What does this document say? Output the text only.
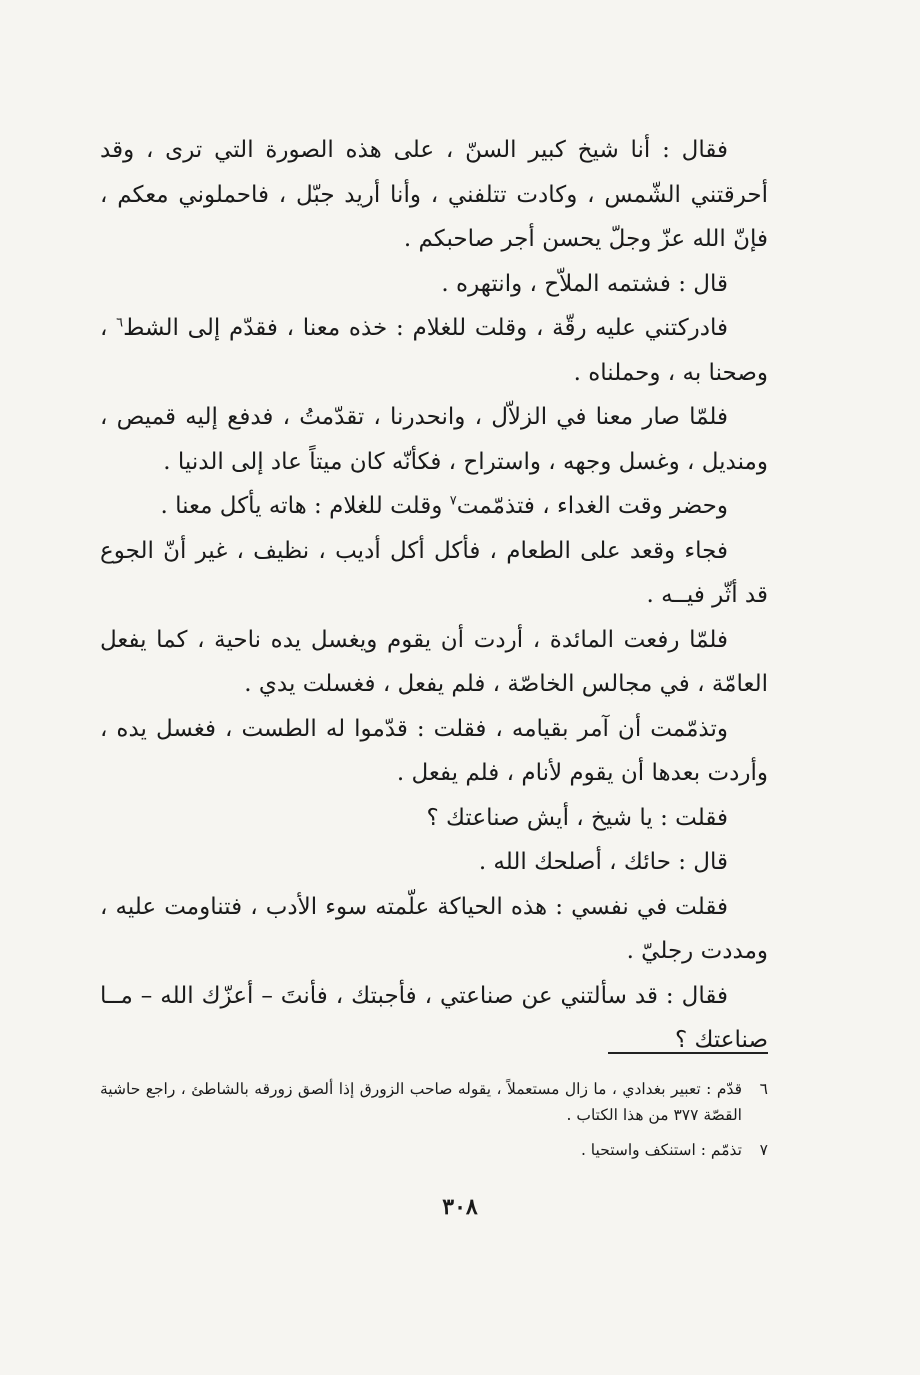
فقال : أنا شيخ كبير السنّ ، على هذه الصورة التي ترى ، وقد أحرقتني الشّمس ، وكادت تتلفني ، وأنا أريد جبّل ، فاحملوني معكم ، فإنّ الله عزّ وجلّ يحسن أجر صاحبكم .

قال : فشتمه الملاّح ، وانتهره .

فادركتني عليه رقّة ، وقلت للغلام : خذه معنا ، فقدّم إلى الشط$^٦$ ، وصحنا به ، وحملناه .

فلمّا صار معنا في الزلاّل ، وانحدرنا ، تقدّمتُ ، فدفع إليه قميص ، ومنديل ، وغسل وجهه ، واستراح ، فكأنّه كان ميتاً عاد إلى الدنيا .

وحضر وقت الغداء ، فتذمّمت$^٧$ وقلت للغلام : هاته يأكل معنا .

فجاء وقعد على الطعام ، فأكل أكل أديب ، نظيف ، غير أنّ الجوع قد أثّر فيــه .

فلمّا رفعت المائدة ، أردت أن يقوم ويغسل يده ناحية ، كما يفعل العامّة ، في مجالس الخاصّة ، فلم يفعل ، فغسلت يدي .

وتذمّمت أن آمر بقيامه ، فقلت : قدّموا له الطست ، فغسل يده ، وأردت بعدها أن يقوم لأنام ، فلم يفعل .

فقلت : يا شيخ ، أيش صناعتك ؟

قال : حائك ، أصلحك الله .

فقلت في نفسي : هذه الحياكة علّمته سوء الأدب ، فتناومت عليه ، ومددت رجليّ .

فقال : قد سألتني عن صناعتي ، فأجبتك ، فأنتَ – أعزّك الله – مــا صناعتك ؟

٦
قدّم : تعبير بغدادي ، ما زال مستعملاً ، يقوله صاحب الزورق إذا ألصق زورقه بالشاطئ ، راجع حاشية القصّة ٣٧٧ من هذا الكتاب .
٧
تذمّم : استنكف واستحيا .
٣٠٨
